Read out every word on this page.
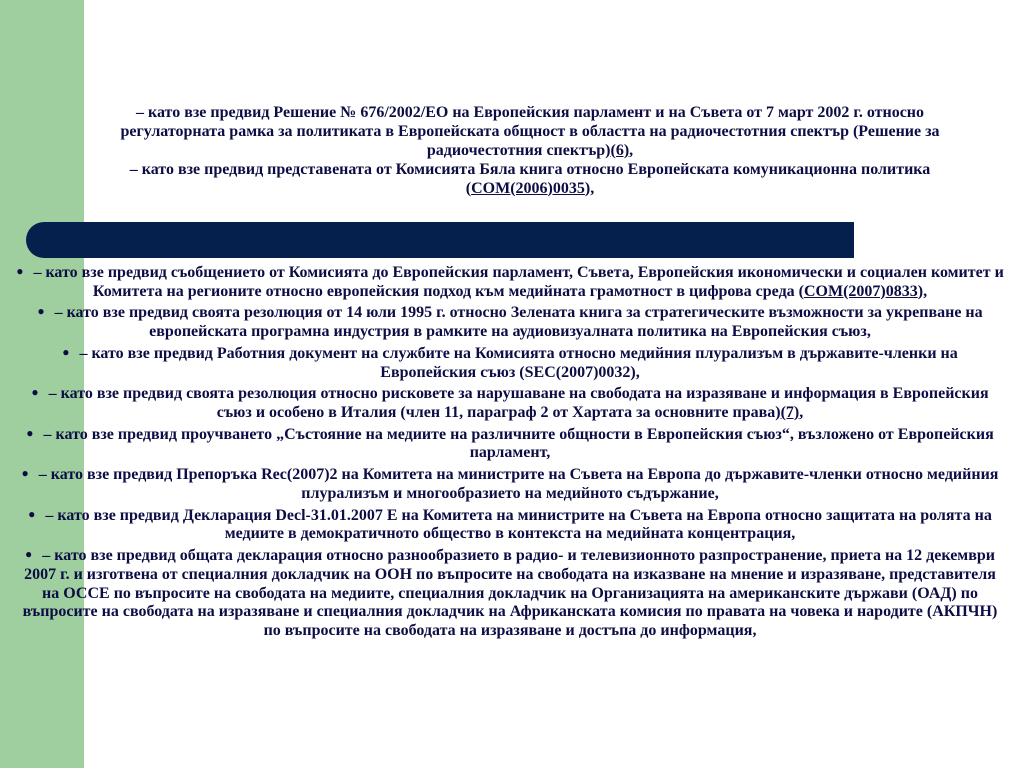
– като взе предвид Решение № 676/2002/ЕО на Европейския парламент и на Съвета от 7 март 2002 г. относно регулаторната рамка за политиката в Европейската общност в областта на радиочестотния спектър (Решение за радиочестотния спектър)(6),

– като взе предвид представената от Комисията Бяла книга относно Европейската комуникационна политика (COM(2006)0035),

● – като взе предвид съобщението от Комисията до Европейския парламент, Съвета, Европейския икономически и социален комитет и Комитета на регионите относно европейския подход към медийната грамотност в цифрова среда (COM(2007)0833),
● – като взе предвид своята резолюция от 14 юли 1995 г. относно Зелената книга за стратегическите възможности за укрепване на европейската програмна индустрия в рамките на аудиовизуалната политика на Европейския съюз,
● – като взе предвид Работния документ на службите на Комисията относно медийния плурализъм в държавите-членки на Европейския съюз (SEC(2007)0032),
● – като взе предвид своята резолюция относно рисковете за нарушаване на свободата на изразяване и информация в Европейския съюз и особено в Италия (член 11, параграф 2 от Хартата за основните права)(7),
● – като взе предвид проучването „Състояние на медиите на различните общности в Европейския съюз“, възложено от Европейския парламент,
● – като взе предвид Препоръка Rec(2007)2 на Комитета на министрите на Съвета на Европа до държавите-членки относно медийния плурализъм и многообразието на медийното съдържание,
● – като взе предвид Декларация Decl-31.01.2007 E на Комитета на министрите на Съвета на Европа относно защитата на ролята на медиите в демократичното общество в контекста на медийната концентрация,
● – като взе предвид общата декларация относно разнообразието в радио- и телевизионното разпространение, приета на 12 декември 2007 г. и изготвена от специалния докладчик на ООН по въпросите на свободата на изказване на мнение и изразяване, представителя на ОССЕ по въпросите на свободата на медиите, специалния докладчик на Организацията на американските държави (ОАД) по въпросите на свободата на изразяване и специалния докладчик на Африканската комисия по правата на човека и народите (АКПЧН) по въпросите на свободата на изразяване и достъпа до информация,
